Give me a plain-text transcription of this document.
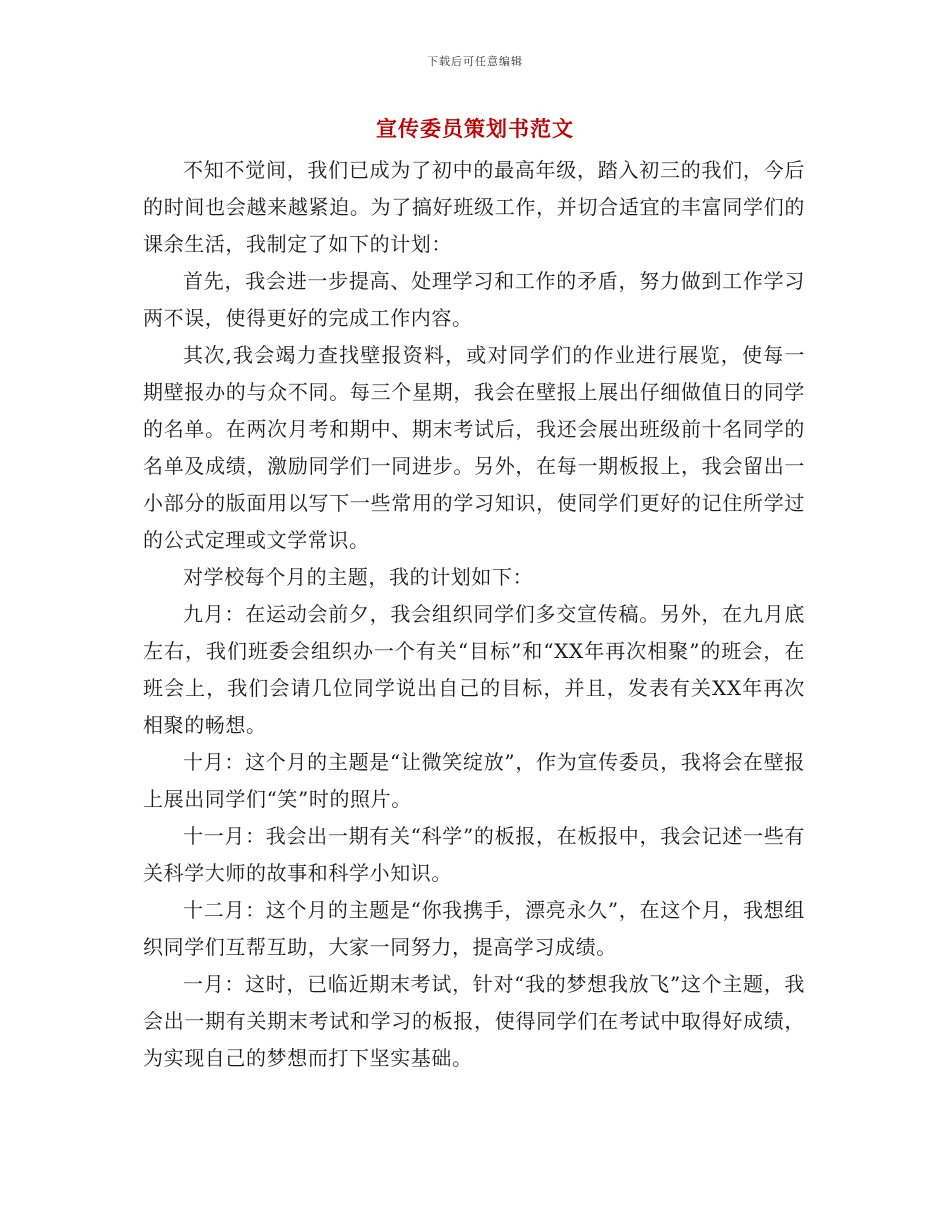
下载后可任意编辑
宣传委员策划书范文

不知不觉间，我们已成为了初中的最高年级，踏入初三的我们，今后的时间也会越来越紧迫。为了搞好班级工作，并切合适宜的丰富同学们的课余生活，我制定了如下的计划：

首先，我会进一步提高、处理学习和工作的矛盾，努力做到工作学习两不误，使得更好的完成工作内容。

其次,我会竭力查找壁报资料，或对同学们的作业进行展览，使每一期壁报办的与众不同。每三个星期，我会在壁报上展出仔细做值日的同学的名单。在两次月考和期中、期末考试后，我还会展出班级前十名同学的名单及成绩，激励同学们一同进步。另外，在每一期板报上，我会留出一小部分的版面用以写下一些常用的学习知识，使同学们更好的记住所学过的公式定理或文学常识。

对学校每个月的主题，我的计划如下：

九月：在运动会前夕，我会组织同学们多交宣传稿。另外，在九月底左右，我们班委会组织办一个有关“目标”和“XX年再次相聚”的班会，在班会上，我们会请几位同学说出自己的目标，并且，发表有关XX年再次相聚的畅想。

十月：这个月的主题是“让微笑绽放”，作为宣传委员，我将会在壁报上展出同学们“笑”时的照片。

十一月：我会出一期有关“科学”的板报，在板报中，我会记述一些有关科学大师的故事和科学小知识。

十二月：这个月的主题是“你我携手，漂亮永久”，在这个月，我想组织同学们互帮互助，大家一同努力，提高学习成绩。

一月：这时，已临近期末考试，针对“我的梦想我放飞”这个主题，我会出一期有关期末考试和学习的板报，使得同学们在考试中取得好成绩，为实现自己的梦想而打下坚实基础。
